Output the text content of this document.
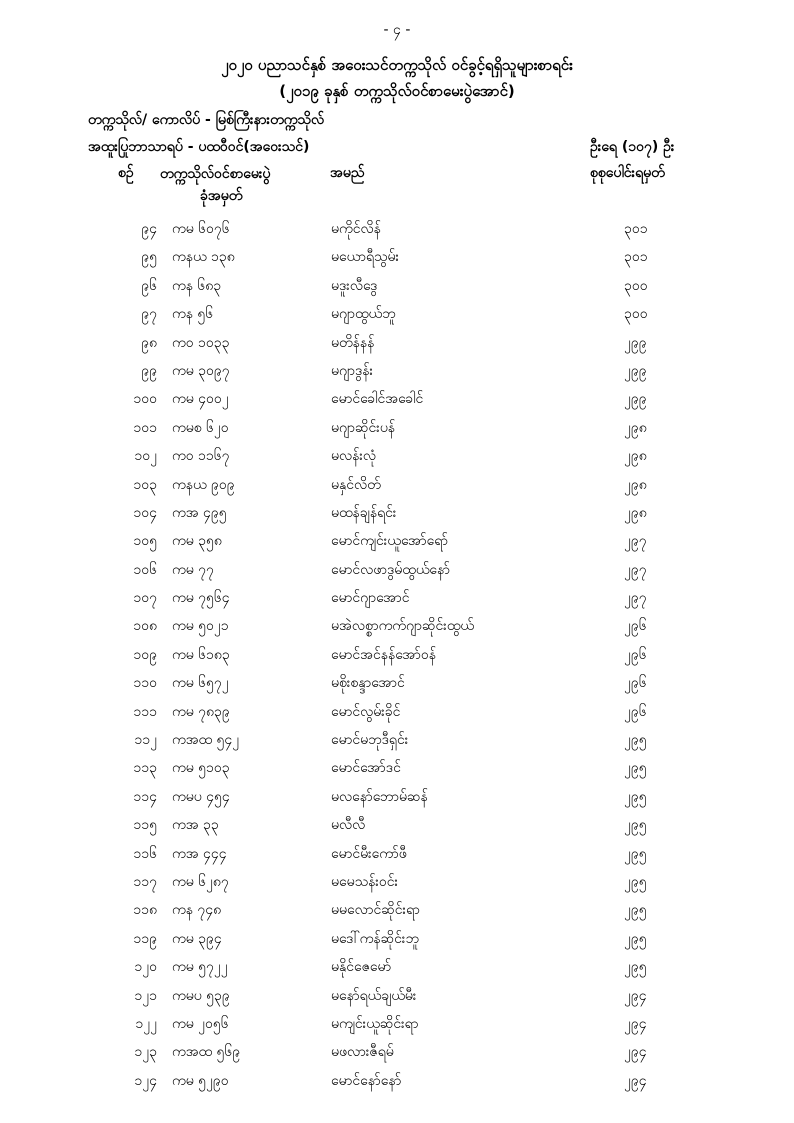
- ၄ -
၂၀၂၀ ပညာသင်နှစ် အဝေးသင်တက္ကသိုလ် ဝင်ခွင့်ရရှိသူများစာရင်း
(၂၀၁၉ ခုနှစ် တက္ကသိုလ်ဝင်စာမေးပွဲအောင်)
တက္ကသိုလ်/ ကောလိပ် - မြစ်ကြီးနားတက္ကသိုလ်
အထူးပြုဘာသာရပ် - ပထဝီဝင်(အဝေးသင်)	ဦးရေ (၁၀၇) ဦး
စဉ် တက္ကသိုလ်ဝင်စာမေးပွဲ
ခုံအမှတ်
အမည်	စုစုပေါင်းရမှတ်
၉၄ ကမ ၆၀၇၆	မကိုင်လိန်	၃၀၁
၉၅ ကနယ ၁၃၈	မယောရီသွမ်း	၃၀၁
၉၆ ကန ၆၈၃	မဒူးလီဒွေ	၃၀၀
၉၇ ကန ၅၆	မဂျာထွယ်ဘူ	၃၀၀
၉၈ ကဝ ၁၀၃၃	မတိန်နန်	၂၉၉
၉၉ ကမ ၃၀၉၇	မဂျာဒွန်း	၂၉၉
၁၀၀ ကမ ၄၀၀၂	မောင်ခေါင်အခေါင်	၂၉၉
၁၀၁ ကမစ ၆၂၀	မဂျာဆိုင်းပန်	၂၉၈
၁၀၂ ကဝ ၁၁၆၇	မလန်းလုံ	၂၉၈
၁၀၃ ကနယ ၉၀၉	မနှင်လိတ်	၂၉၈
၁၀၄ ကအ ၄၉၅	မထန်ချန်ရင်း	၂၉၈
၁၀၅ ကမ ၃၅၈	မောင်ကျင်းယူအော်ရော်	၂၉၇
၁၀၆ ကမ ၇၇	မောင်လဖာဒွမ်ထွယ်နော်	၂၉၇
၁၀၇ ကမ ၇၅၆၄	မောင်ဂျာအောင်	၂၉၇
၁၀၈ ကမ ၅၀၂၁	မအဲလစ္စာကက်ဂျာဆိုင်းထွယ်	၂၉၆
၁၀၉ ကမ ၆၁၈၃	မောင်အင်နန်အော်ဝန်	၂၉၆
၁၁၀ ကမ ၆၅၇၂	မစိုးစန္ဒာအောင်	၂၉၆
၁၁၁ ကမ ၇၈၃၉	မောင်လွမ်းခိုင်	၂၉၆
၁၁၂ ကအထ ၅၄၂	မောင်မဘုဒီရှင်း	၂၉၅
၁၁၃ ကမ ၅၁၀၃	မောင်အော်ဒင်	၂၉၅
၁၁၄ ကမပ ၄၅၄	မလနော်ဘောမ်ဆန်	၂၉၅
၁၁၅ ကအ ၃၃	မလီလီ	၂၉၅
၁၁၆ ကအ ၄၄၄	မောင်မီးကော်ဖီ	၂၉၅
၁၁၇ ကမ ၆၂၈၇	မမေသန်းဝင်း	၂၉၅
၁၁၈ ကန ၇၄၈	မမလောင်ဆိုင်းရာ	၂၉၅
၁၁၉ ကမ ၃၉၄	မဒေါ်ကန်ဆိုင်းဘူ	၂၉၅
၁၂၀ ကမ ၅၇၂၂	မနိုင်ဇေမော်	၂၉၅
၁၂၁ ကမပ ၅၃၉	မနော်ရယ်ချယ်မီး	၂၉၄
၁၂၂ ကမ ၂၀၅၆	မကျင်းယူဆိုင်းရာ	၂၉၄
၁၂၃ ကအထ ၅၆၉	မဖလားဇီရမ်	၂၉၄
၁၂၄ ကမ ၅၂၉၀	မောင်နော်နော်	၂၉၄
